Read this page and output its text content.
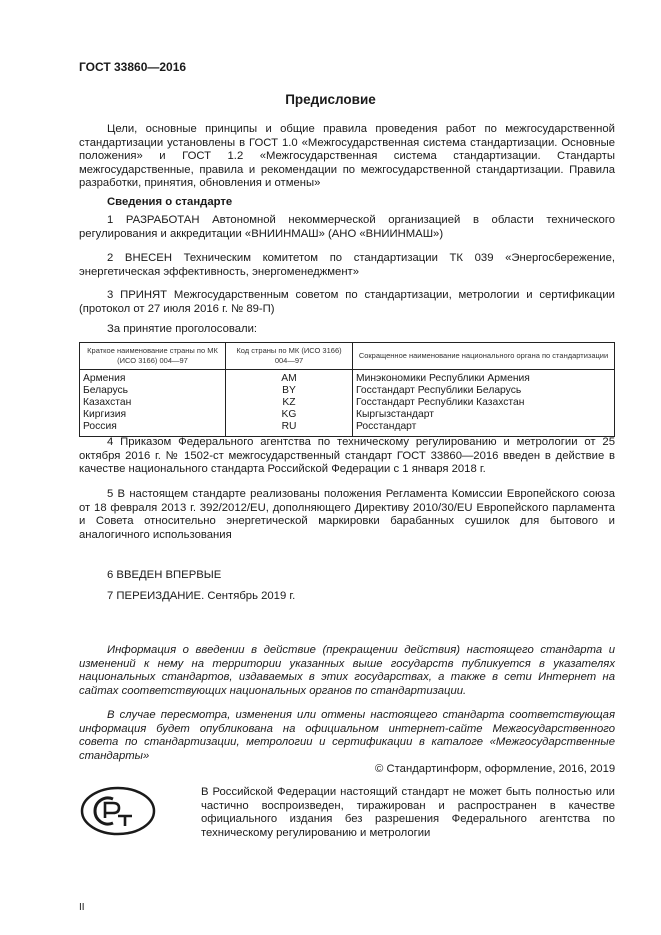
ГОСТ 33860—2016
Предисловие
Цели, основные принципы и общие правила проведения работ по межгосударственной стандартизации установлены в ГОСТ 1.0 «Межгосударственная система стандартизации. Основные положения» и ГОСТ 1.2 «Межгосударственная система стандартизации. Стандарты межгосударственные, правила и рекомендации по межгосударственной стандартизации. Правила разработки, принятия, обновления и отмены»
Сведения о стандарте
1 РАЗРАБОТАН Автономной некоммерческой организацией в области технического регулирования и аккредитации «ВНИИНМАШ» (АНО «ВНИИНМАШ»)
2 ВНЕСЕН Техническим комитетом по стандартизации ТК 039 «Энергосбережение, энергетическая эффективность, энергоменеджмент»
3 ПРИНЯТ Межгосударственным советом по стандартизации, метрологии и сертификации (протокол от 27 июля 2016 г. № 89-П)
За принятие проголосовали:
Краткое наименование страны по МК (ИСО 3166) 004—97	Код страны по МК (ИСО 3166) 004—97	Сокращенное наименование национального органа по стандартизации
Армения	AM	Минэкономики Республики Армения
Беларусь	BY	Госстандарт Республики Беларусь
Казахстан	KZ	Госстандарт Республики Казахстан
Киргизия	KG	Кыргызстандарт
Россия	RU	Росстандарт
4 Приказом Федерального агентства по техническому регулированию и метрологии от 25 октября 2016 г. № 1502-ст межгосударственный стандарт ГОСТ 33860—2016 введен в действие в качестве национального стандарта Российской Федерации с 1 января 2018 г.
5 В настоящем стандарте реализованы положения Регламента Комиссии Европейского союза от 18 февраля 2013 г. 392/2012/EU, дополняющего Директиву 2010/30/EU Европейского парламента и Совета относительно энергетической маркировки барабанных сушилок для бытового и аналогичного использования
6 ВВЕДЕН ВПЕРВЫЕ
7 ПЕРЕИЗДАНИЕ. Сентябрь 2019 г.
Информация о введении в действие (прекращении действия) настоящего стандарта и изменений к нему на территории указанных выше государств публикуется в указателях национальных стандартов, издаваемых в этих государствах, а также в сети Интернет на сайтах соответствующих национальных органов по стандартизации.
В случае пересмотра, изменения или отмены настоящего стандарта соответствующая информация будет опубликована на официальном интернет-сайте Межгосударственного совета по стандартизации, метрологии и сертификации в каталоге «Межгосударственные стандарты»
© Стандартинформ, оформление, 2016, 2019
В Российской Федерации настоящий стандарт не может быть полностью или частично воспроизведен, тиражирован и распространен в качестве официального издания без разрешения Федерального агентства по техническому регулированию и метрологии
II
